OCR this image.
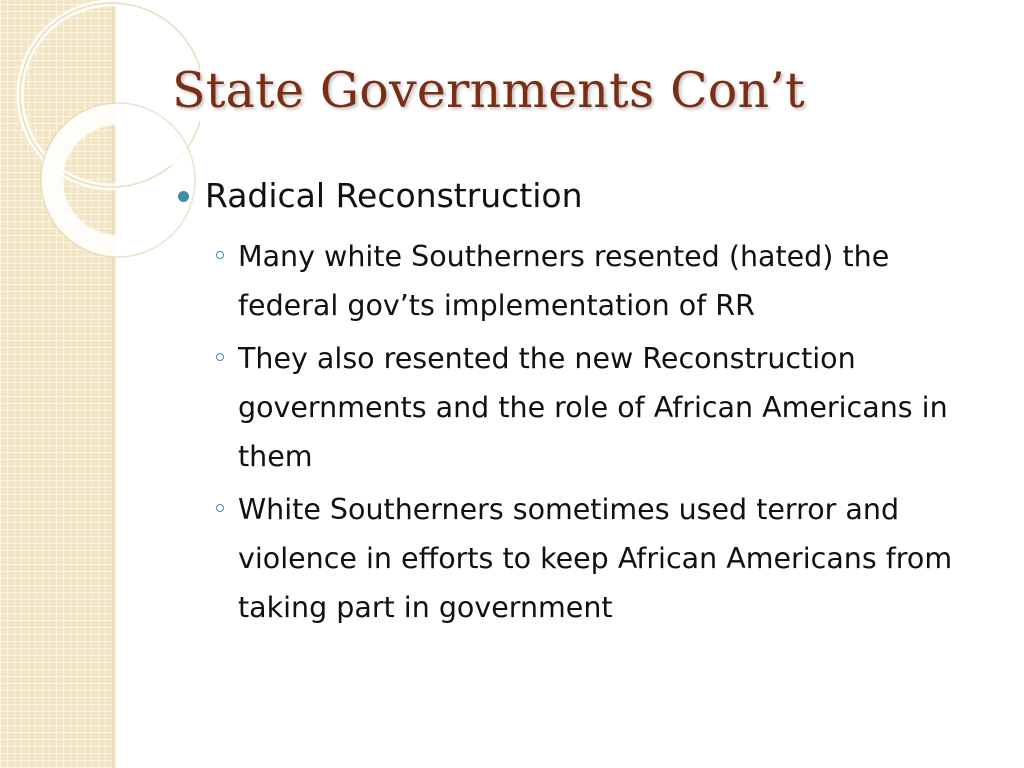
State Governments Con’t
Radical Reconstruction
Many white Southerners resented (hated) the federal gov’ts implementation of RR
They also resented the new Reconstruction governments and the role of African Americans in them
White Southerners sometimes used terror and violence in efforts to keep African Americans from taking part in government
